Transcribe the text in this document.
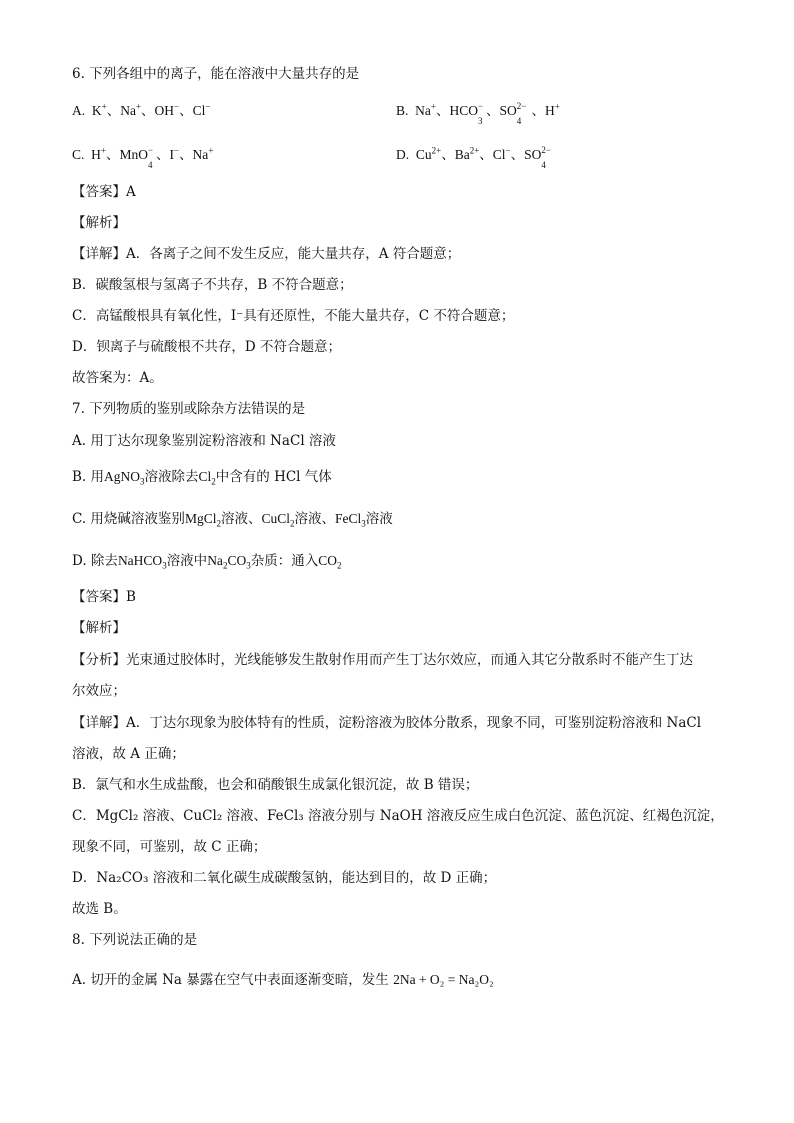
6. 下列各组中的离子，能在溶液中大量共存的是
A.  K+、Na+、OH−、Cl−	B.  Na+、HCO −
3
、SO 2−
4
、H+
C.  H+、MnO −
4
、I−、Na+	D.  $Cu^{2+}$、$Ba^{2+}$、Cl−、SO 2−
4
【答案】A
【解析】
【详解】A．各离子之间不发生反应，能大量共存，A 符合题意；
B．碳酸氢根与氢离子不共存，B 不符合题意；
C．高锰酸根具有氧化性，I⁻具有还原性，不能大量共存，C 不符合题意；
D．钡离子与硫酸根不共存，D 不符合题意；
故答案为：A。
7. 下列物质的鉴别或除杂方法错误的是
A. 用丁达尔现象鉴别淀粉溶液和 NaCl 溶液
B. 用AgNO$_3$溶液除去$Cl_2$中含有的 HCl 气体
C. 用烧碱溶液鉴别MgCl$_2$溶液、CuCl$_2$溶液、FeCl$_3$溶液
D. 除去NaHCO$_3$溶液中$Na_2CO_3$杂质：通入$CO_2$
【答案】B
【解析】
【分析】光束通过胶体时，光线能够发生散射作用而产生丁达尔效应，而通入其它分散系时不能产生丁达
尔效应；
【详解】A．丁达尔现象为胶体特有的性质，淀粉溶液为胶体分散系，现象不同，可鉴别淀粉溶液和 NaCl
溶液，故 A 正确；
B．氯气和水生成盐酸，也会和硝酸银生成氯化银沉淀，故 B 错误；
C．MgCl₂ 溶液、CuCl₂ 溶液、FeCl₃ 溶液分别与 NaOH 溶液反应生成白色沉淀、蓝色沉淀、红褐色沉淀，
现象不同，可鉴别，故 C 正确；
D．Na₂CO₃ 溶液和二氧化碳生成碳酸氢钠，能达到目的，故 D 正确；
故选 B。
8. 下列说法正确的是
A. 切开的金属 Na 暴露在空气中表面逐渐变暗，发生 2Na + O₂ = Na₂O₂
